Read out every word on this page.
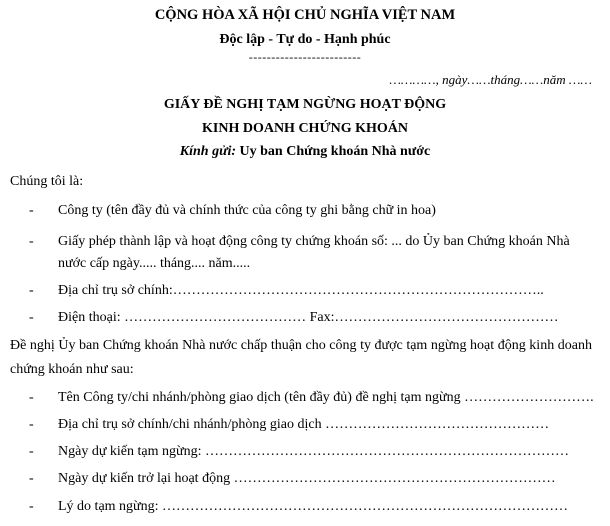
CỘNG HÒA XÃ HỘI CHỦ NGHĨA VIỆT NAM
Độc lập - Tự do - Hạnh phúc
-------------------------
…………, ngày……tháng……năm ……
GIẤY ĐỀ NGHỊ TẠM NGỪNG HOẠT ĐỘNG
KINH DOANH CHỨNG KHOÁN
Kính gửi: Uy ban Chứng khoán Nhà nước
Chúng tôi là:
- Công ty (tên đầy đủ và chính thức của công ty ghi bằng chữ in hoa)
- Giấy phép thành lập và hoạt động công ty chứng khoán số: ... do Ủy ban Chứng khoán Nhà
nước cấp ngày..... tháng.... năm.....
- Địa chỉ trụ sở chính:……………………………………………………………………..
- Điện thoại: ………………………………… Fax:…………………………………………
Đề nghị Ủy ban Chứng khoán Nhà nước chấp thuận cho công ty được tạm ngừng hoạt động kinh doanh chứng khoán như sau:
- Tên Công ty/chi nhánh/phòng giao dịch (tên đầy đủ) đề nghị tạm ngừng ……………………….
- Địa chỉ trụ sở chính/chi nhánh/phòng giao dịch …………………………………………
- Ngày dự kiến tạm ngừng: ……………………………………………………………………
- Ngày dự kiến trở lại hoạt động ……………………………………………………………
- Lý do tạm ngừng: ……………………………………………………………………………
